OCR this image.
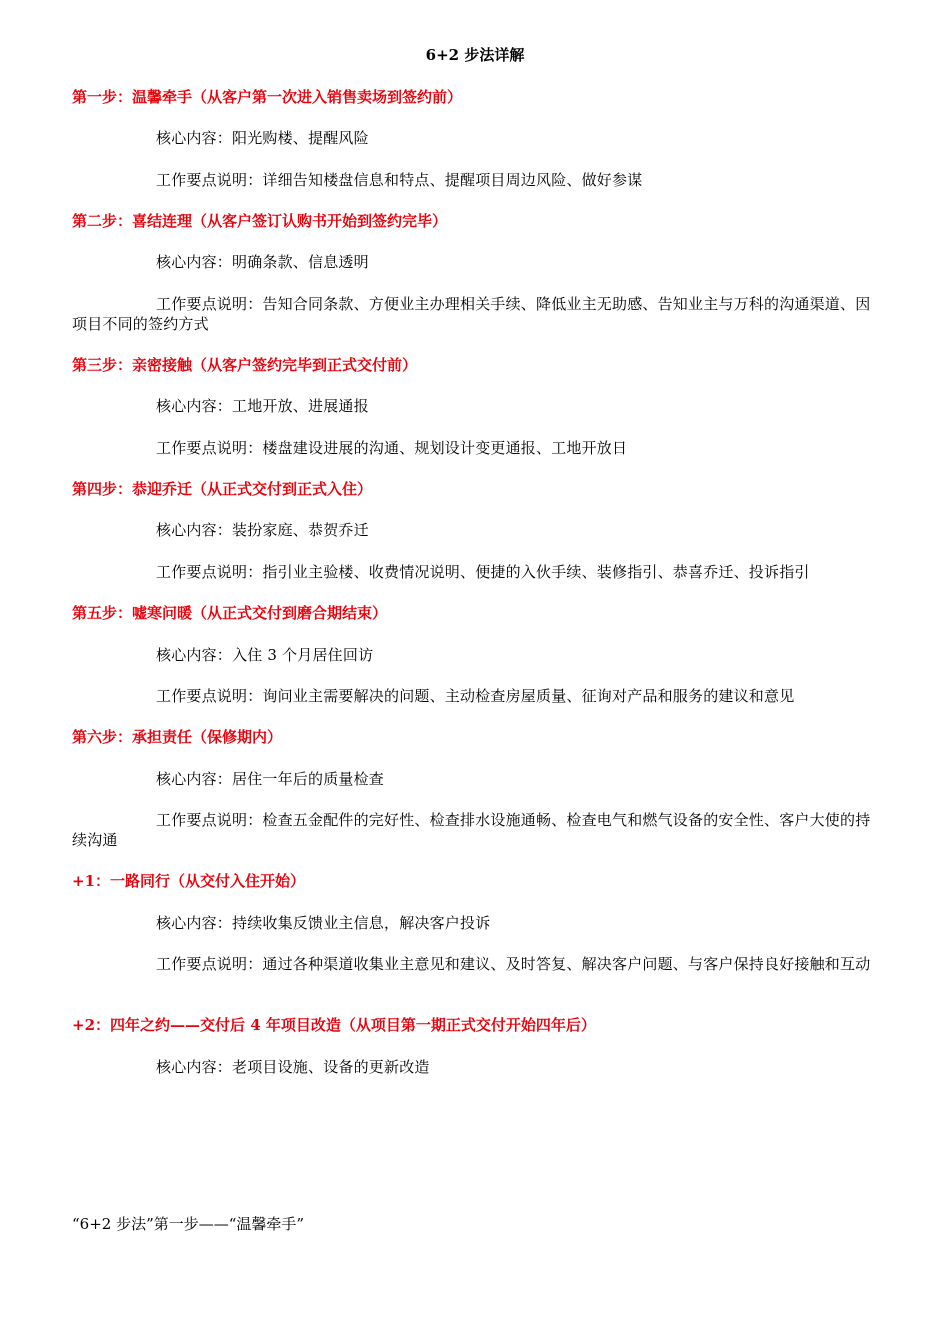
6+2 步法详解
第一步：温馨牵手（从客户第一次进入销售卖场到签约前）
核心内容：阳光购楼、提醒风险
工作要点说明：详细告知楼盘信息和特点、提醒项目周边风险、做好参谋
第二步：喜结连理（从客户签订认购书开始到签约完毕）
核心内容：明确条款、信息透明
工作要点说明：告知合同条款、方便业主办理相关手续、降低业主无助感、告知业主与万科的沟通渠道、因项目不同的签约方式
第三步：亲密接触（从客户签约完毕到正式交付前）
核心内容：工地开放、进展通报
工作要点说明：楼盘建设进展的沟通、规划设计变更通报、工地开放日
第四步：恭迎乔迁（从正式交付到正式入住）
核心内容：装扮家庭、恭贺乔迁
工作要点说明：指引业主验楼、收费情况说明、便捷的入伙手续、装修指引、恭喜乔迁、投诉指引
第五步：嘘寒问暖（从正式交付到磨合期结束）
核心内容：入住 3 个月居住回访
工作要点说明：询问业主需要解决的问题、主动检查房屋质量、征询对产品和服务的建议和意见
第六步：承担责任（保修期内）
核心内容：居住一年后的质量检查
工作要点说明：检查五金配件的完好性、检查排水设施通畅、检查电气和燃气设备的安全性、客户大使的持续沟通
+1：一路同行（从交付入住开始）
核心内容：持续收集反馈业主信息，解决客户投诉
工作要点说明：通过各种渠道收集业主意见和建议、及时答复、解决客户问题、与客户保持良好接触和互动
+2：四年之约——交付后 4 年项目改造（从项目第一期正式交付开始四年后）
核心内容：老项目设施、设备的更新改造
“6+2 步法”第一步——“温馨牵手”
